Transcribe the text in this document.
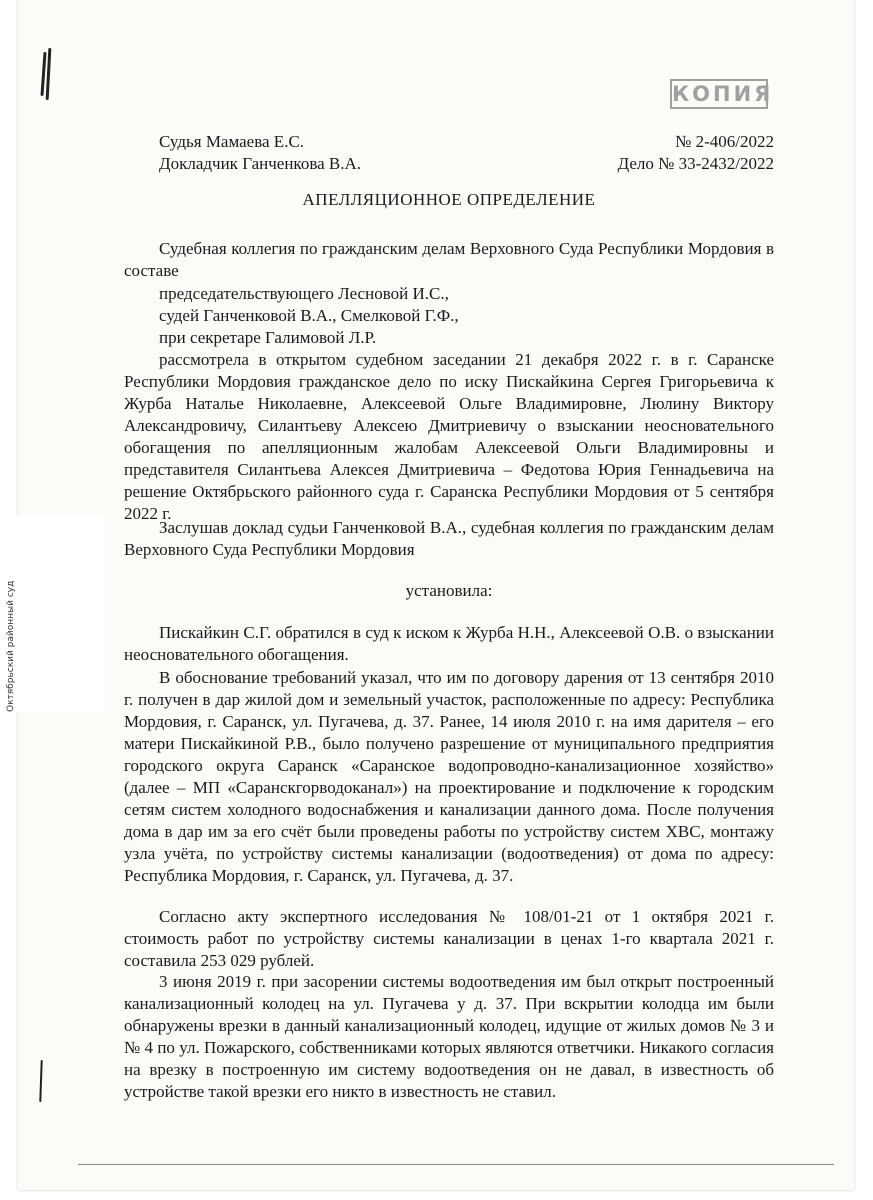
КОПИЯ
Октябрьский районный суд
Судья Мамаева Е.С.	№ 2-406/2022
Докладчик Ганченкова В.А.	Дело № 33-2432/2022
АПЕЛЛЯЦИОННОЕ ОПРЕДЕЛЕНИЕ

Судебная коллегия по гражданским делам Верховного Суда Республики Мордовия в составе

председательствующего Лесновой И.С.,
судей Ганченковой В.А., Смелковой Г.Ф.,
при секретаре Галимовой Л.Р.

рассмотрела в открытом судебном заседании 21 декабря 2022 г. в г. Саранске Республики Мордовия гражданское дело по иску Пискайкина Сергея Григорьевича к Журба Наталье Николаевне, Алексеевой Ольге Владимировне, Люлину Виктору Александровичу, Силантьеву Алексею Дмитриевичу о взыскании неосновательного обогащения по апелляционным жалобам Алексеевой Ольги Владимировны и представителя Силантьева Алексея Дмитриевича – Федотова Юрия Геннадьевича на решение Октябрьского районного суда г. Саранска Республики Мордовия от 5 сентября 2022 г.

Заслушав доклад судьи Ганченковой В.А., судебная коллегия по гражданским делам Верховного Суда Республики Мордовия

установила:

Пискайкин С.Г. обратился в суд к иском к Журба Н.Н., Алексеевой О.В. о взыскании неосновательного обогащения.

В обоснование требований указал, что им по договору дарения от 13 сентября 2010 г. получен в дар жилой дом и земельный участок, расположенные по адресу: Республика Мордовия, г. Саранск, ул. Пугачева, д. 37. Ранее, 14 июля 2010 г. на имя дарителя – его матери Пискайкиной Р.В., было получено разрешение от муниципального предприятия городского округа Саранск «Саранское водопроводно-канализационное хозяйство» (далее – МП «Саранскгорводоканал») на проектирование и подключение к городским сетям систем холодного водоснабжения и канализации данного дома. После получения дома в дар им за его счёт были проведены работы по устройству систем ХВС, монтажу узла учёта, по устройству системы канализации (водоотведения) от дома по адресу: Республика Мордовия, г. Саранск, ул. Пугачева, д. 37.

Согласно акту экспертного исследования № 108/01-21 от 1 октября 2021 г. стоимость работ по устройству системы канализации в ценах 1-го квартала 2021 г. составила 253 029 рублей.

3 июня 2019 г. при засорении системы водоотведения им был открыт построенный канализационный колодец на ул. Пугачева у д. 37. При вскрытии колодца им были обнаружены врезки в данный канализационный колодец, идущие от жилых домов № 3 и № 4 по ул. Пожарского, собственниками которых являются ответчики. Никакого согласия на врезку в построенную им систему водоотведения он не давал, в известность об устройстве такой врезки его никто в известность не ставил.
